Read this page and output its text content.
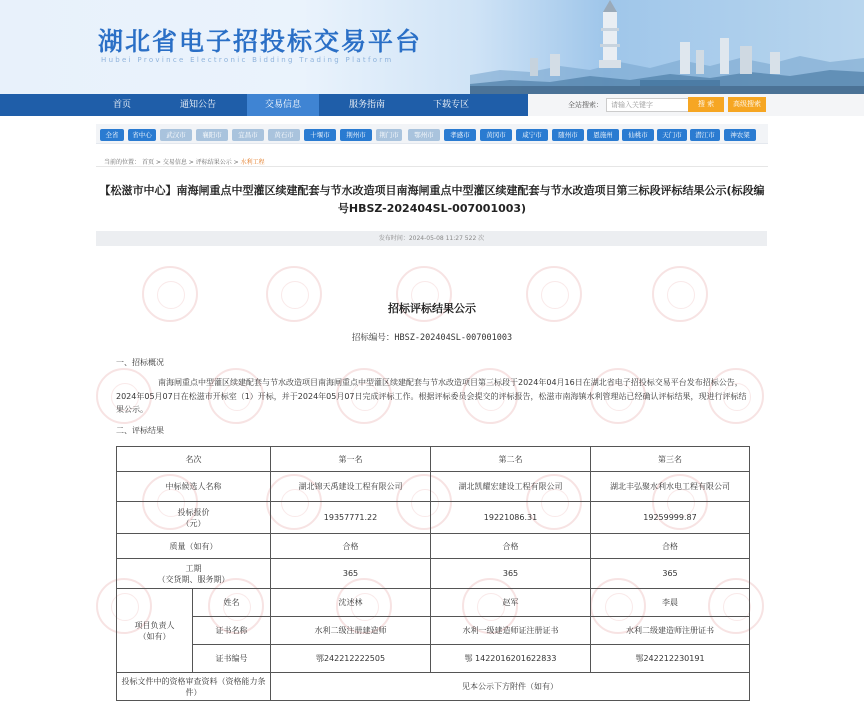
湖北省电子招投标交易平台
Hubei Province Electronic Bidding Trading Platform
首页	通知公告	交易信息	服务指南	下载专区	全站搜索：	请输入关键字	搜 索	高级搜索
全省	省中心	武汉市	襄阳市	宜昌市	黄石市	十堰市	荆州市	荆门市	鄂州市	孝感市	黄冈市	咸宁市	随州市	恩施州	仙桃市	天门市	潜江市	神农架
当前的位置： 首页 > 交易信息 > 评标结果公示 > 水利工程
【松滋市中心】南海闸重点中型灌区续建配套与节水改造项目南海闸重点中型灌区续建配套与节水改造项目第三标段评标结果公示(标段编号HBSZ-202404SL-007001003)
发布时间：2024-05-08 11:27 522 次
招标评标结果公示
招标编号：HBSZ-202404SL-007001003
一、招标概况
南海闸重点中型灌区续建配套与节水改造项目南海闸重点中型灌区续建配套与节水改造项目第三标段于2024年04月16日在湖北省电子招投标交易平台发布招标公告，2024年05月07日在松滋市开标室（1）开标，并于2024年05月07日完成评标工作。根据评标委员会提交的评标报告，松滋市南海镇水利管理站已经确认评标结果，现进行评标结果公示。
二、评标结果
名次		第一名	第二名	第三名
中标候选人名称		湖北锦天禹建设工程有限公司	湖北凯耀宏建设工程有限公司	湖北丰弘聚水利水电工程有限公司
投标报价
（元）		19357771.22	19221086.31	19259999.87
质量（如有）		合格	合格	合格
工期
（交货期、服务期）		365	365	365
项目负责人
（如有）	姓名	沈述林	赵军	李晨
	证书名称	水利二级注册建造师	水利一级建造师证注册证书	水利二级建造师注册证书
	证书编号	鄂242212222505	鄂 1422016201622833	鄂242212230191
投标文件中的资格审查资料（资格能力条件）		见本公示下方附件（如有）		
